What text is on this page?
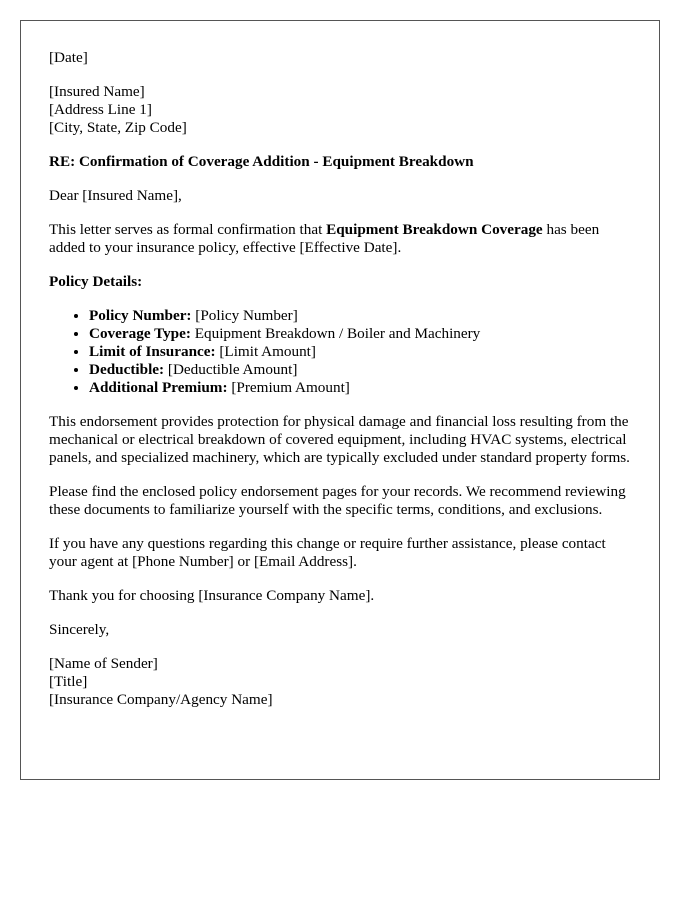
[Date]

[Insured Name]
[Address Line 1]
[City, State, Zip Code]

RE: Confirmation of Coverage Addition - Equipment Breakdown

Dear [Insured Name],

This letter serves as formal confirmation that Equipment Breakdown Coverage has been added to your insurance policy, effective [Effective Date].

Policy Details:

• Policy Number: [Policy Number]
• Coverage Type: Equipment Breakdown / Boiler and Machinery
• Limit of Insurance: [Limit Amount]
• Deductible: [Deductible Amount]
• Additional Premium: [Premium Amount]

This endorsement provides protection for physical damage and financial loss resulting from the mechanical or electrical breakdown of covered equipment, including HVAC systems, electrical panels, and specialized machinery, which are typically excluded under standard property forms.

Please find the enclosed policy endorsement pages for your records. We recommend reviewing these documents to familiarize yourself with the specific terms, conditions, and exclusions.

If you have any questions regarding this change or require further assistance, please contact your agent at [Phone Number] or [Email Address].

Thank you for choosing [Insurance Company Name].

Sincerely,

[Name of Sender]
[Title]
[Insurance Company/Agency Name]
